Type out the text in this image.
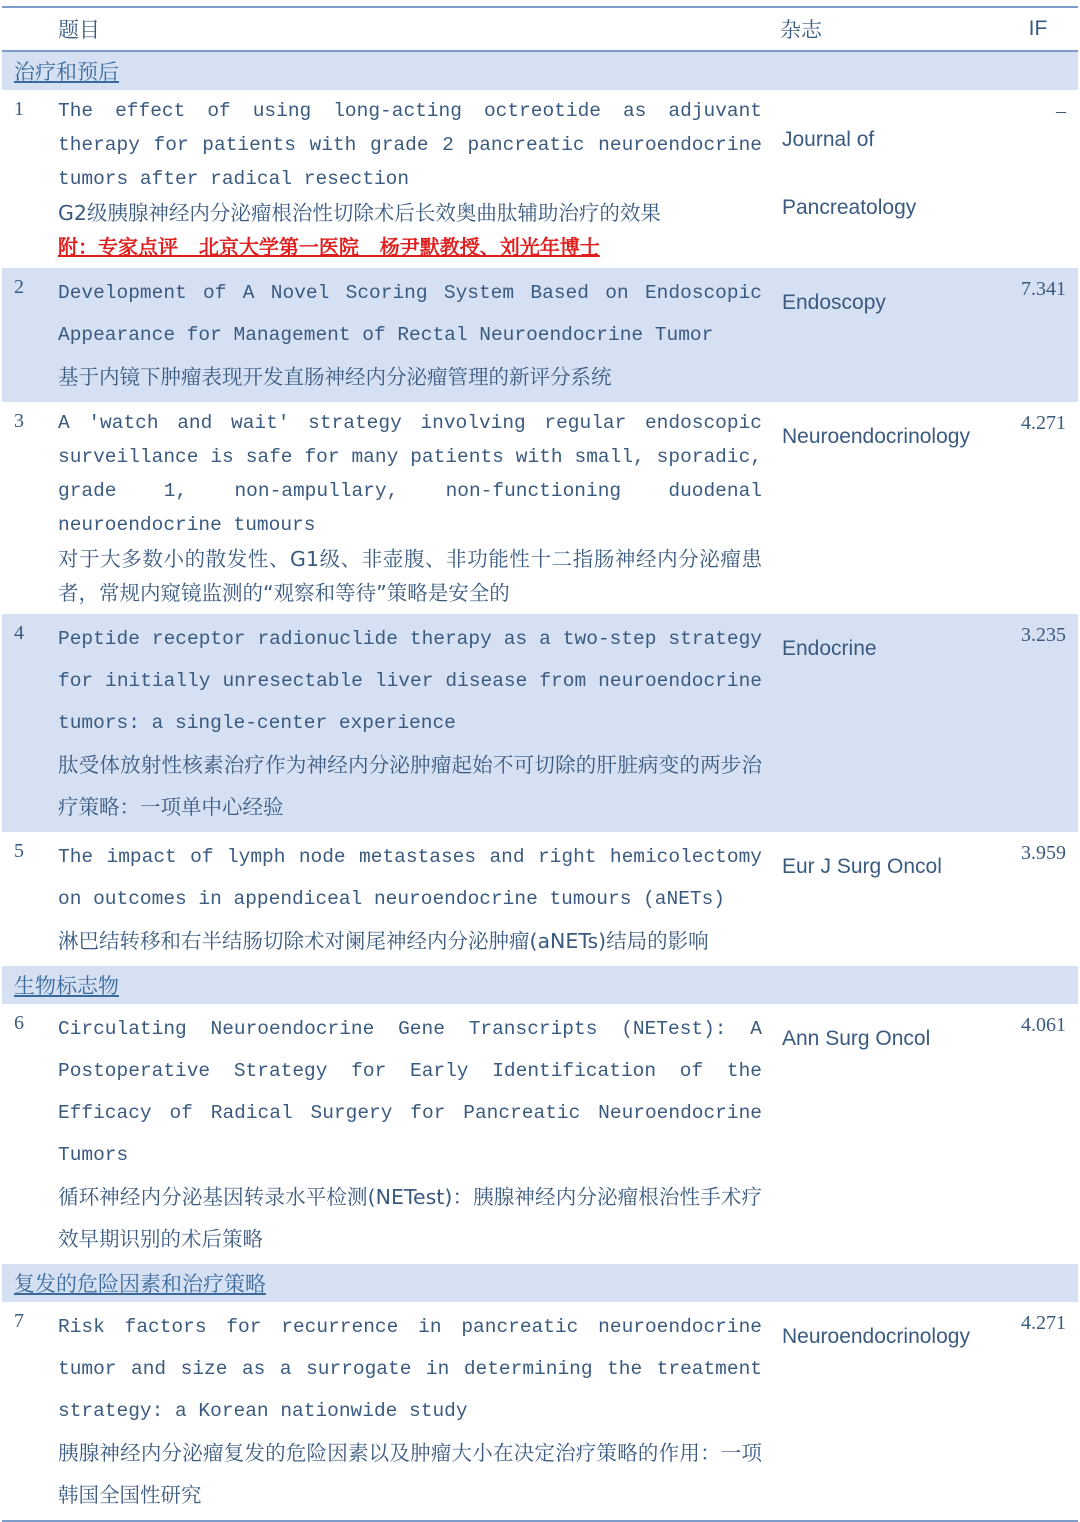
	题目	杂志	IF
治疗和预后			
1	The effect of using long-acting octreotide as adjuvant therapy for patients with grade 2 pancreatic neuroendocrine tumors after radical resection
G2级胰腺神经内分泌瘤根治性切除术后长效奥曲肽辅助治疗的效果
附：专家点评   北京大学第一医院   杨尹默教授、刘光年博士	Journal of Pancreatology	–
2	Development of A Novel Scoring System Based on Endoscopic Appearance for Management of Rectal Neuroendocrine Tumor
基于内镜下肿瘤表现开发直肠神经内分泌瘤管理的新评分系统	Endoscopy	7.341
3	A 'watch and wait' strategy involving regular endoscopic surveillance is safe for many patients with small, sporadic, grade 1, non-ampullary, non-functioning duodenal neuroendocrine tumours
对于大多数小的散发性、G1级、非壶腹、非功能性十二指肠神经内分泌瘤患者，常规内窥镜监测的“观察和等待”策略是安全的	Neuroendocrinology	4.271
4	Peptide receptor radionuclide therapy as a two-step strategy for initially unresectable liver disease from neuroendocrine tumors: a single-center experience
肽受体放射性核素治疗作为神经内分泌肿瘤起始不可切除的肝脏病变的两步治疗策略：一项单中心经验	Endocrine	3.235
5	The impact of lymph node metastases and right hemicolectomy on outcomes in appendiceal neuroendocrine tumours (aNETs)
淋巴结转移和右半结肠切除术对阑尾神经内分泌肿瘤(aNETs)结局的影响	Eur J Surg Oncol	3.959
生物标志物			
6	Circulating Neuroendocrine Gene Transcripts (NETest): A Postoperative Strategy for Early Identification of the Efficacy of Radical Surgery for Pancreatic Neuroendocrine Tumors
循环神经内分泌基因转录水平检测(NETest)：胰腺神经内分泌瘤根治性手术疗效早期识别的术后策略	Ann Surg Oncol	4.061
复发的危险因素和治疗策略			
7	Risk factors for recurrence in pancreatic neuroendocrine tumor and size as a surrogate in determining the treatment strategy: a Korean nationwide study
胰腺神经内分泌瘤复发的危险因素以及肿瘤大小在决定治疗策略的作用：一项韩国全国性研究	Neuroendocrinology	4.271
